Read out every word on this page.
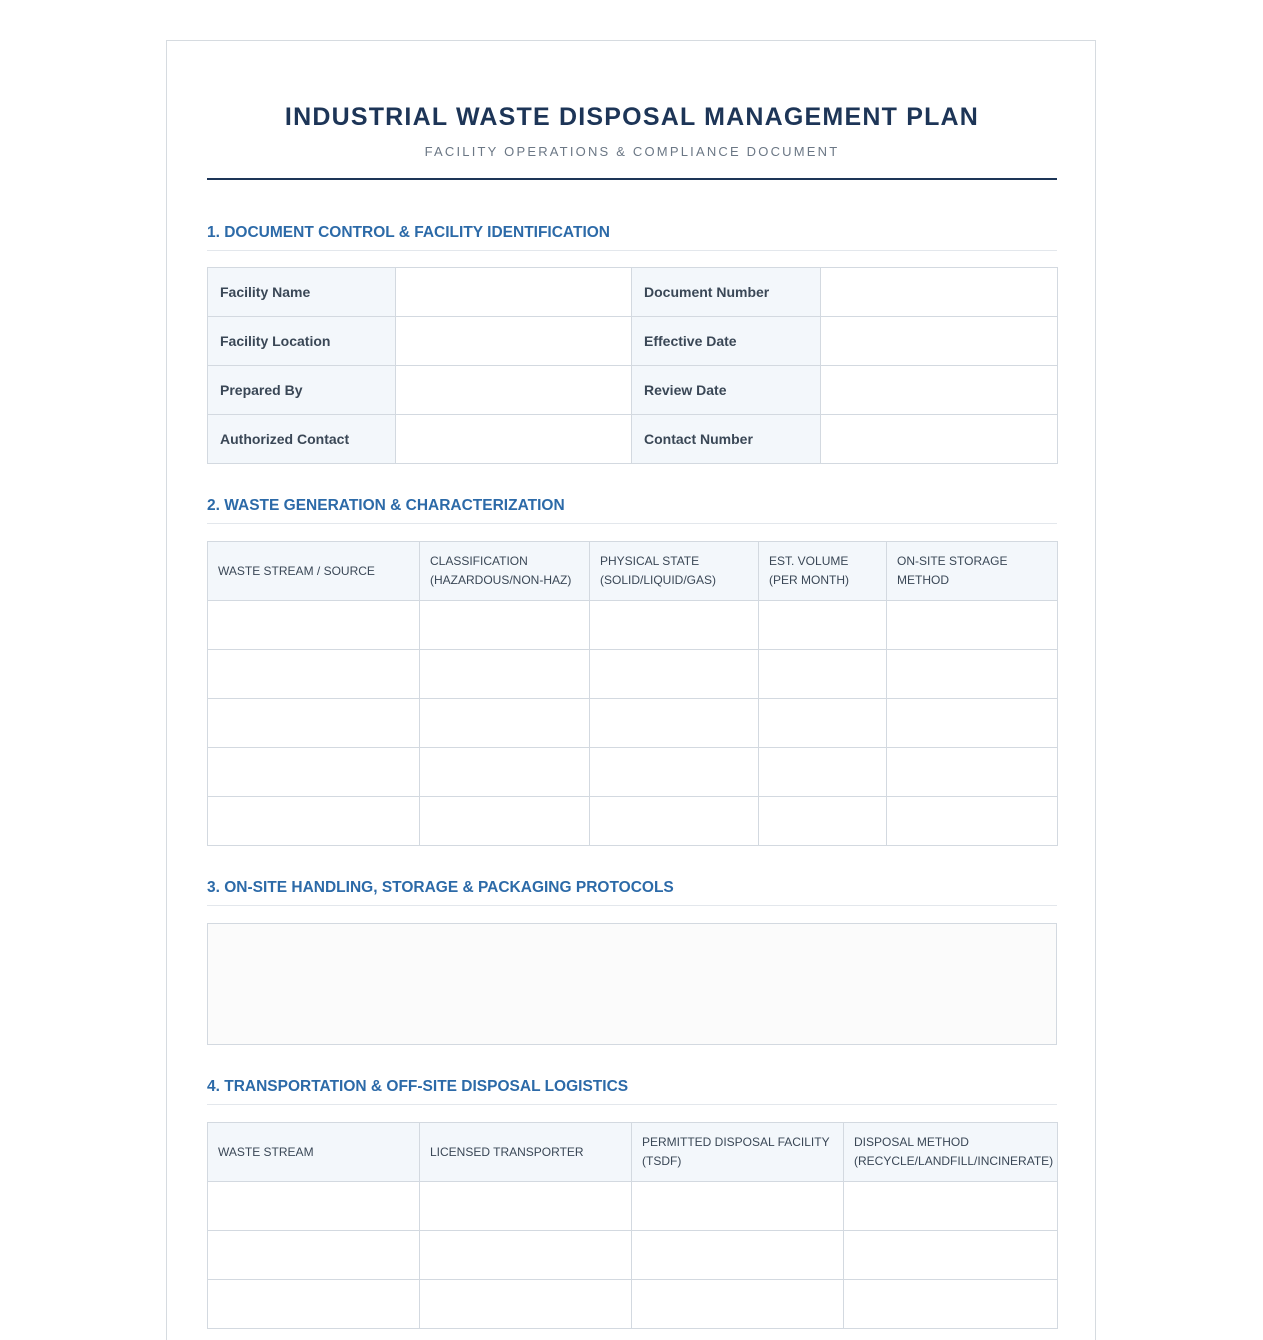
INDUSTRIAL WASTE DISPOSAL MANAGEMENT PLAN
FACILITY OPERATIONS & COMPLIANCE DOCUMENT
1. DOCUMENT CONTROL & FACILITY IDENTIFICATION
Facility Name		Document Number	
Facility Location		Effective Date	
Prepared By		Review Date	
Authorized Contact		Contact Number	
2. WASTE GENERATION & CHARACTERIZATION
WASTE STREAM / SOURCE	CLASSIFICATION (HAZARDOUS/NON-HAZ)	PHYSICAL STATE (SOLID/LIQUID/GAS)	EST. VOLUME (PER MONTH)	ON-SITE STORAGE METHOD

3. ON-SITE HANDLING, STORAGE & PACKAGING PROTOCOLS
4. TRANSPORTATION & OFF-SITE DISPOSAL LOGISTICS
WASTE STREAM	LICENSED TRANSPORTER	PERMITTED DISPOSAL FACILITY (TSDF)	DISPOSAL METHOD (RECYCLE/LANDFILL/INCINERATE)
